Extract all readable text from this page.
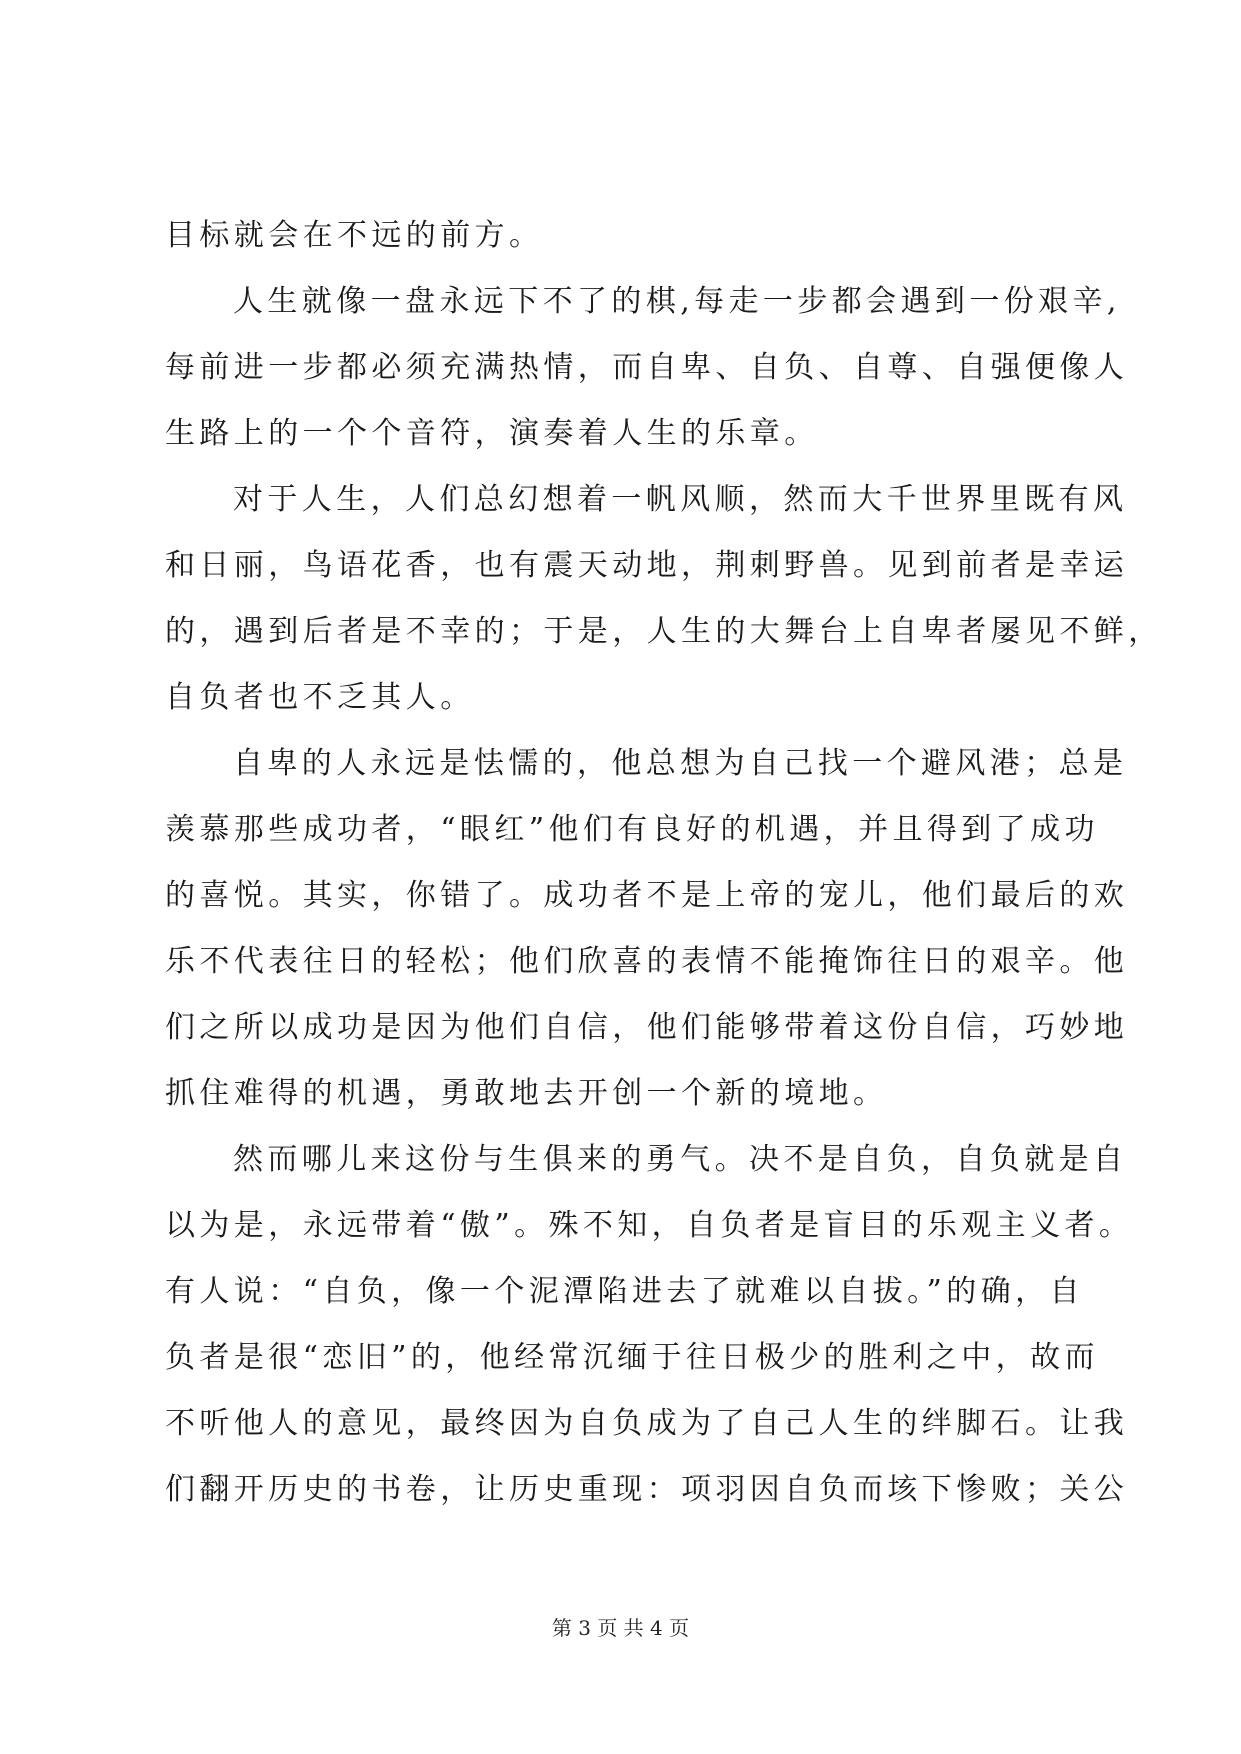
目标就会在不远的前方。
人生就像一盘永远下不了的棋,每走一步都会遇到一份艰辛,
每前进一步都必须充满热情，而自卑、自负、自尊、自强便像人
生路上的一个个音符，演奏着人生的乐章。
对于人生，人们总幻想着一帆风顺，然而大千世界里既有风
和日丽，鸟语花香，也有震天动地，荆刺野兽。见到前者是幸运
的，遇到后者是不幸的；于是，人生的大舞台上自卑者屡见不鲜，
自负者也不乏其人。
自卑的人永远是怯懦的，他总想为自己找一个避风港；总是
羡慕那些成功者，“眼红”他们有良好的机遇，并且得到了成功
的喜悦。其实，你错了。成功者不是上帝的宠儿，他们最后的欢
乐不代表往日的轻松；他们欣喜的表情不能掩饰往日的艰辛。他
们之所以成功是因为他们自信，他们能够带着这份自信，巧妙地
抓住难得的机遇，勇敢地去开创一个新的境地。
然而哪儿来这份与生俱来的勇气。决不是自负，自负就是自
以为是，永远带着“傲”。殊不知，自负者是盲目的乐观主义者。
有人说：“自负，像一个泥潭陷进去了就难以自拔。”的确，自
负者是很“恋旧”的，他经常沉缅于往日极少的胜利之中，故而
不听他人的意见，最终因为自负成为了自己人生的绊脚石。让我
们翻开历史的书卷，让历史重现：项羽因自负而垓下惨败；关公
第 3 页 共 4 页
